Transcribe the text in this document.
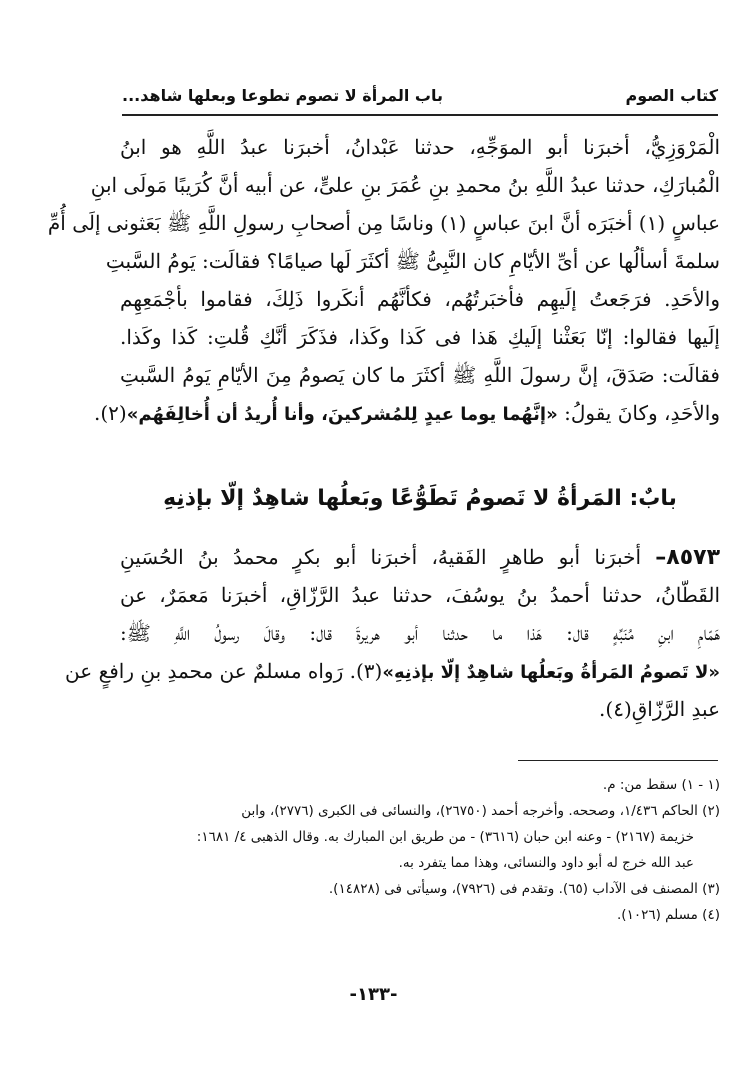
كتاب الصوم
باب المرأة لا تصوم تطوعا وبعلها شاهد...
الْمَرْوَزِيُّ، أخبرَنا أبو الموَجِّهِ، حدثنا عَبْدانُ، أخبرَنا عبدُ اللَّهِ هو ابنُ
الْمُبارَكِ، حدثنا عبدُ اللَّهِ بنُ محمدِ بنِ عُمَرَ بنِ علىٍّ، عن أبيه أنَّ كُرَيبًا مَولَى ابنِ
عباسٍ (١) أخبَرَه أنَّ ابنَ عباسٍ (١) وناسًا مِن أصحابِ رسولِ اللَّهِ ﷺ بَعَثونى إلَى أُمِّ
سلمةَ أسألُها عن أىِّ الأيّامِ كان النَّبِىُّ ﷺ أكثَرَ لَها صيامًا؟ فقالَت: يَومُ السَّبتِ
والأحَدِ. فرَجَعتُ إلَيهِم فأخبَرتُهُم، فكأنَّهُم أنكَروا ذَلِكَ، فقاموا بأجْمَعِهِم
إلَيها فقالوا: إنّا بَعَثْنا إلَيكِ هَذا فى كَذا وكَذا، فذَكَرَ أنَّكِ قُلتِ: كَذا وكَذا.
فقالَت: صَدَقَ، إنَّ رسولَ اللَّهِ ﷺ أكثَرَ ما كان يَصومُ مِنَ الأيّامِ يَومُ السَّبتِ
والأحَدِ، وكانَ يقولُ: «إنَّهُما يوما عيدٍ لِلمُشركينَ، وأنا أُريدُ أن أُخالِفَهُم»(٢).
بابٌ: المَرأةُ لا تَصومُ تَطَوُّعًا وبَعلُها شاهِدٌ إلّا بإذنِهِ
٨٥٧٣– أخبرَنا أبو طاهرٍ الفَقيهُ، أخبرَنا أبو بكرٍ محمدُ بنُ الحُسَينِ
القَطّانُ، حدثنا أحمدُ بنُ يوسُفَ، حدثنا عبدُ الرَّزّاقِ، أخبرَنا مَعمَرٌ، عن
هَمّامِ ابنِ مُنَبِّهٍ قال: هَذا ما حدثنا أبو هريرةَ قال: وقالَ رسولُ اللَّهِ ﷺ:
«لا تَصومُ المَرأةُ وبَعلُها شاهِدٌ إلّا بإذنِهِ»(٣). رَواه مسلمٌ عن محمدِ بنِ رافعٍ عن
عبدِ الرَّزّاقِ(٤).
(١ - ١) سقط من: م.
(٢) الحاكم ١/٤٣٦، وصححه. وأخرجه أحمد (٢٦٧٥٠)، والنسائى فى الكبرى (٢٧٧٦)، وابن
خزيمة (٢١٦٧) - وعنه ابن حبان (٣٦١٦) - من طريق ابن المبارك به. وقال الذهبى ٤/ ١٦٨١:
عبد الله خرج له أبو داود والنسائى، وهذا مما يتفرد به.
(٣) المصنف فى الآداب (٦٥). وتقدم فى (٧٩٢٦)، وسيأتى فى (١٤٨٢٨).
(٤) مسلم (١٠٢٦).
-١٣٣-
